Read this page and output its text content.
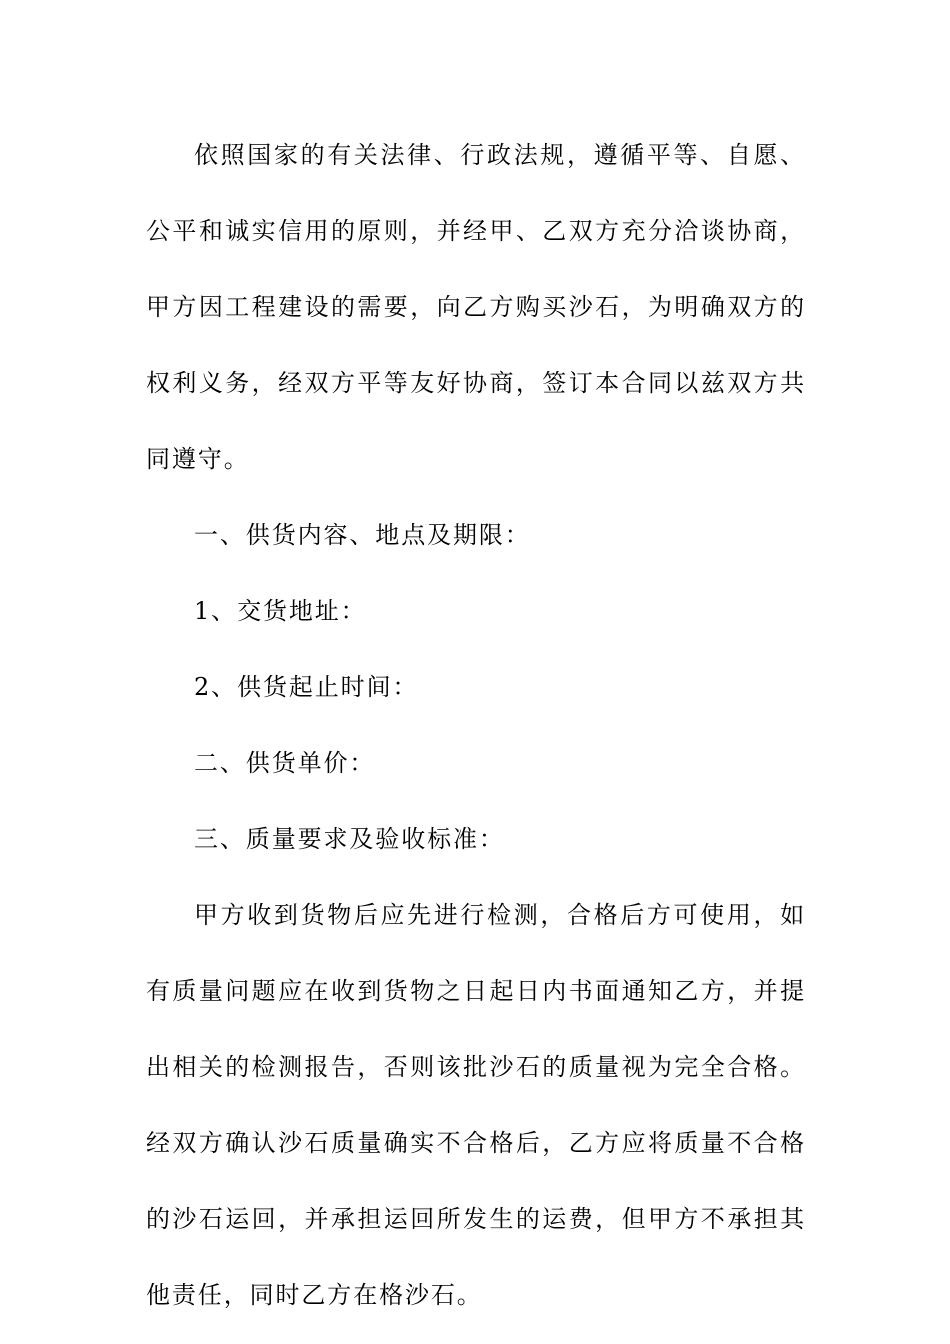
依照国家的有关法律、行政法规，遵循平等、自愿、公平和诚实信用的原则，并经甲、乙双方充分洽谈协商，甲方因工程建设的需要，向乙方购买沙石，为明确双方的权利义务，经双方平等友好协商，签订本合同以兹双方共同遵守。

一、供货内容、地点及期限：

1、交货地址：

2、供货起止时间：

二、供货单价：

三、质量要求及验收标准：

甲方收到货物后应先进行检测，合格后方可使用，如有质量问题应在收到货物之日起日内书面通知乙方，并提出相关的检测报告，否则该批沙石的质量视为完全合格。经双方确认沙石质量确实不合格后，乙方应将质量不合格的沙石运回，并承担运回所发生的运费，但甲方不承担其他责任，同时乙方在格沙石。
